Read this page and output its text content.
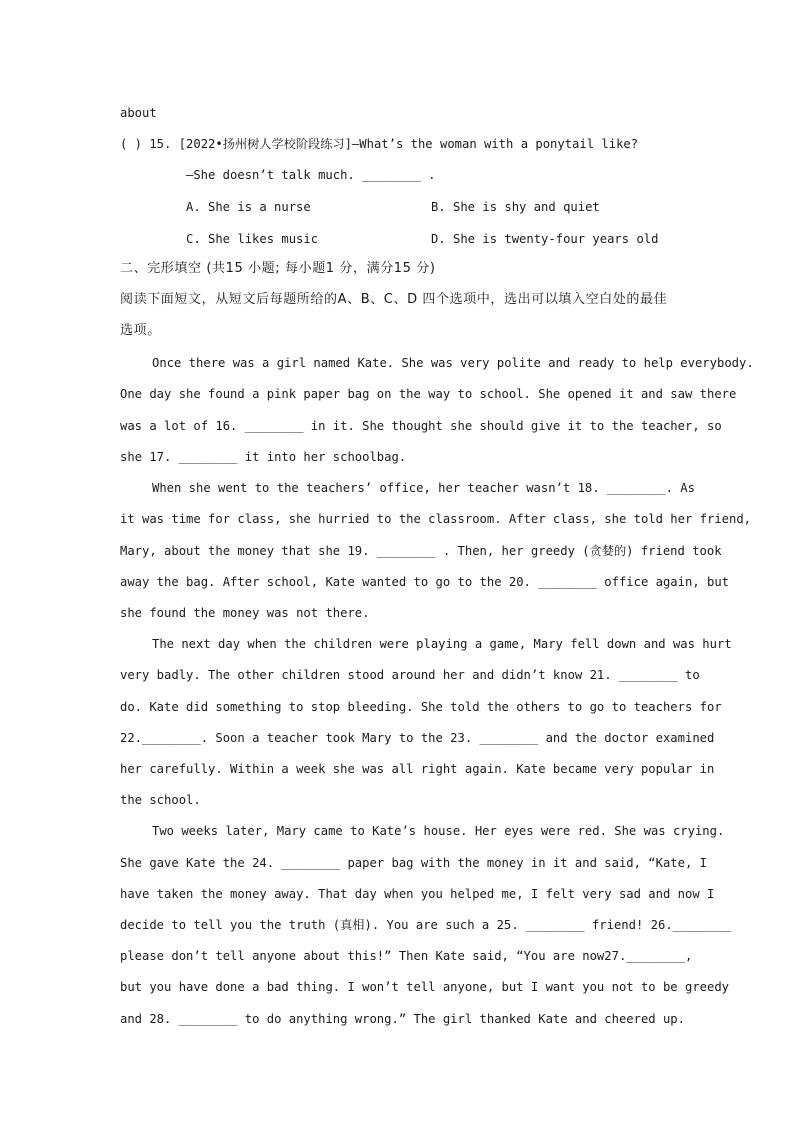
about
( ) 15. [2022•扬州树人学校阶段练习]—What’s the woman with a ponytail like?
—She doesn’t talk much. ________ .
A. She is a nurse	B. She is shy and quiet
C. She likes music	D. She is twenty-four years old
二、完形填空 (共15 小题; 每小题1 分，满分15 分)
阅读下面短文，从短文后每题所给的A、B、C、D 四个选项中，选出可以填入空白处的最佳
选项。
Once there was a girl named Kate. She was very polite and ready to help everybody.
One day she found a pink paper bag on the way to school. She opened it and saw there
was a lot of 16. ________ in it. She thought she should give it to the teacher, so
she 17. ________ it into her schoolbag.
When she went to the teachers’ office, her teacher wasn’t 18. ________. As
it was time for class, she hurried to the classroom. After class, she told her friend,
Mary, about the money that she 19. ________ . Then, her greedy (贪婪的) friend took
away the bag. After school, Kate wanted to go to the 20. ________ office again, but
she found the money was not there.
The next day when the children were playing a game, Mary fell down and was hurt
very badly. The other children stood around her and didn’t know 21. ________ to
do. Kate did something to stop bleeding. She told the others to go to teachers for
22.________. Soon a teacher took Mary to the 23. ________ and the doctor examined
her carefully. Within a week she was all right again. Kate became very popular in
the school.
Two weeks later, Mary came to Kate’s house. Her eyes were red. She was crying.
She gave Kate the 24. ________ paper bag with the money in it and said, “Kate, I
have taken the money away. That day when you helped me, I felt very sad and now I
decide to tell you the truth (真相). You are such a 25. ________ friend! 26.________
please don’t tell anyone about this!” Then Kate said, “You are now27.________,
but you have done a bad thing. I won’t tell anyone, but I want you not to be greedy
and 28. ________ to do anything wrong.” The girl thanked Kate and cheered up.
